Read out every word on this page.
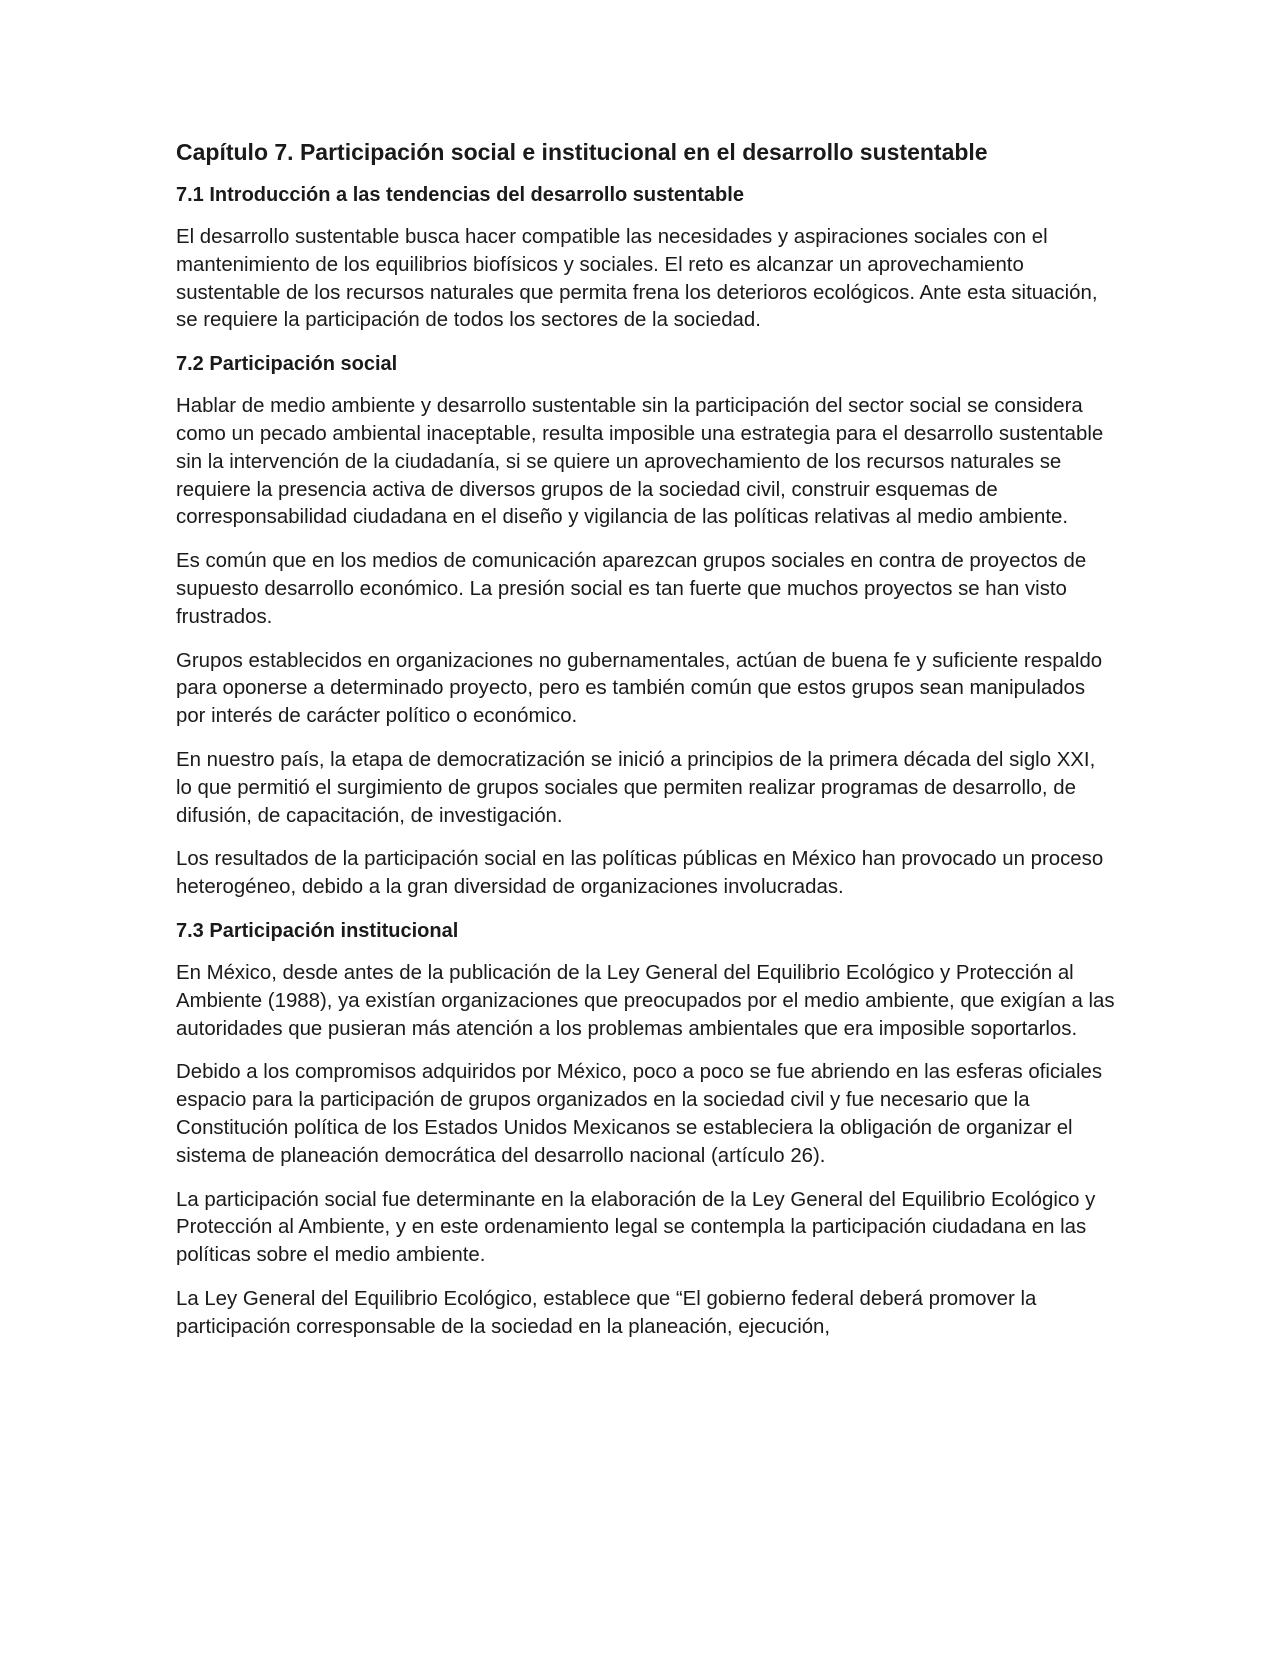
Capítulo 7. Participación social e institucional en el desarrollo sustentable
7.1 Introducción a las tendencias del desarrollo sustentable

El desarrollo sustentable busca hacer compatible las necesidades y aspiraciones sociales con el mantenimiento de los equilibrios biofísicos y sociales. El reto es alcanzar un aprovechamiento sustentable de los recursos naturales que permita frena los deterioros ecológicos. Ante esta situación, se requiere la participación de todos los sectores de la sociedad.

7.2 Participación social

Hablar de medio ambiente y desarrollo sustentable sin la participación del sector social se considera como un pecado ambiental inaceptable, resulta imposible una estrategia para el desarrollo sustentable sin la intervención de la ciudadanía, si se quiere un aprovechamiento de los recursos naturales se requiere la presencia activa de diversos grupos de la sociedad civil, construir esquemas de corresponsabilidad ciudadana en el diseño y vigilancia de las políticas relativas al medio ambiente.

Es común que en los medios de comunicación aparezcan grupos sociales en contra de proyectos de supuesto desarrollo económico. La presión social es tan fuerte que muchos proyectos se han visto frustrados.

Grupos establecidos en organizaciones no gubernamentales, actúan de buena fe y suficiente respaldo para oponerse a determinado proyecto, pero es también común que estos grupos sean manipulados por interés de carácter político o económico.

En nuestro país, la etapa de democratización se inició a principios de la primera década del siglo XXI, lo que permitió el surgimiento de grupos sociales que permiten realizar programas de desarrollo, de difusión, de capacitación, de investigación.

Los resultados de la participación social en las políticas públicas en México han provocado un proceso heterogéneo, debido a la gran diversidad de organizaciones involucradas.

7.3 Participación institucional

En México, desde antes de la publicación de la Ley General del Equilibrio Ecológico y Protección al Ambiente (1988), ya existían organizaciones que preocupados por el medio ambiente, que exigían a las autoridades que pusieran más atención a los problemas ambientales que era imposible soportarlos.

Debido a los compromisos adquiridos por México, poco a poco se fue abriendo en las esferas oficiales espacio para la participación de grupos organizados en la sociedad civil y fue necesario que la Constitución política de los Estados Unidos Mexicanos se estableciera la obligación de organizar el sistema de planeación democrática del desarrollo nacional (artículo 26).

La participación social fue determinante en la elaboración de la Ley General del Equilibrio Ecológico y Protección al Ambiente, y en este ordenamiento legal se contempla la participación ciudadana en las políticas sobre el medio ambiente.

La Ley General del Equilibrio Ecológico, establece que “El gobierno federal deberá promover la participación corresponsable de la sociedad en la planeación, ejecución,
